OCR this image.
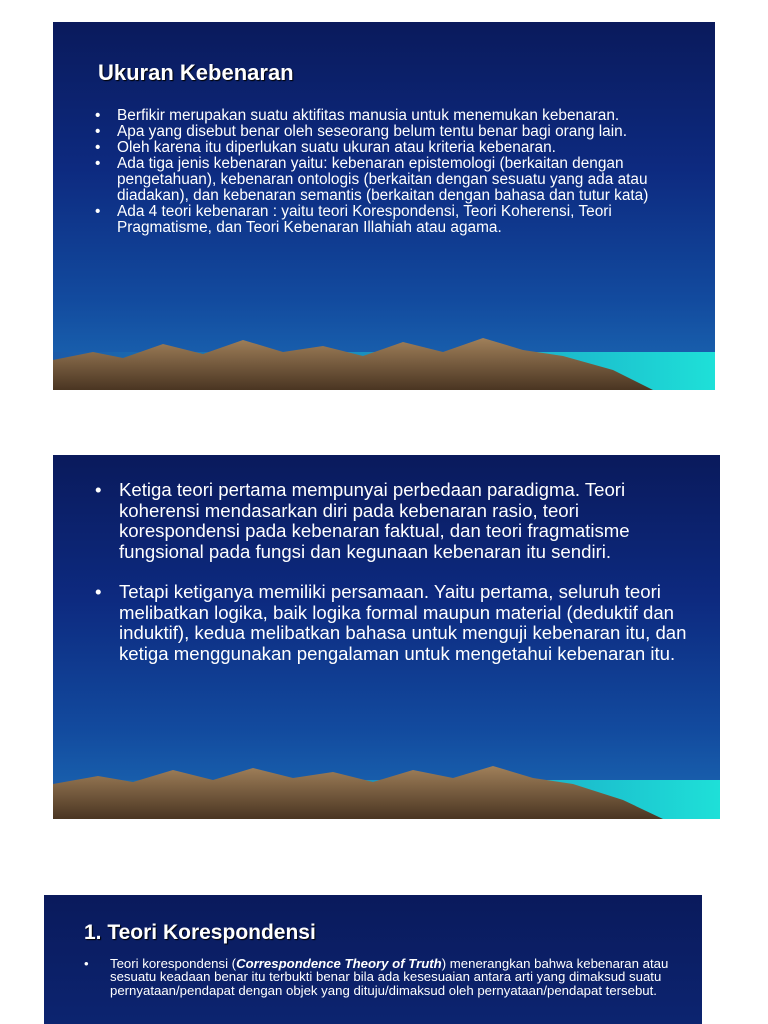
Ukuran Kebenaran
• Berfikir merupakan suatu aktifitas manusia untuk menemukan kebenaran.
• Apa yang disebut benar oleh seseorang belum tentu benar bagi orang lain.
• Oleh karena itu diperlukan suatu ukuran atau kriteria kebenaran.
• Ada tiga jenis kebenaran yaitu: kebenaran epistemologi (berkaitan dengan pengetahuan), kebenaran ontologis (berkaitan dengan sesuatu yang ada atau diadakan), dan kebenaran semantis (berkaitan dengan bahasa dan tutur kata)
• Ada 4 teori kebenaran : yaitu teori Korespondensi, Teori Koherensi, Teori Pragmatisme, dan Teori Kebenaran Illahiah atau agama.
• Ketiga teori pertama mempunyai perbedaan paradigma. Teori koherensi mendasarkan diri pada kebenaran rasio, teori korespondensi pada kebenaran faktual, dan teori fragmatisme fungsional pada fungsi dan kegunaan kebenaran itu sendiri.
• Tetapi ketiganya memiliki persamaan. Yaitu pertama, seluruh teori melibatkan logika, baik logika formal maupun material (deduktif dan induktif), kedua melibatkan bahasa untuk menguji kebenaran itu, dan ketiga menggunakan pengalaman untuk mengetahui kebenaran itu.
1. Teori Korespondensi
• Teori korespondensi (Correspondence Theory of Truth) menerangkan bahwa kebenaran atau sesuatu keadaan benar itu terbukti benar bila ada kesesuaian antara arti yang dimaksud suatu pernyataan/pendapat dengan objek yang dituju/dimaksud oleh pernyataan/pendapat tersebut.
